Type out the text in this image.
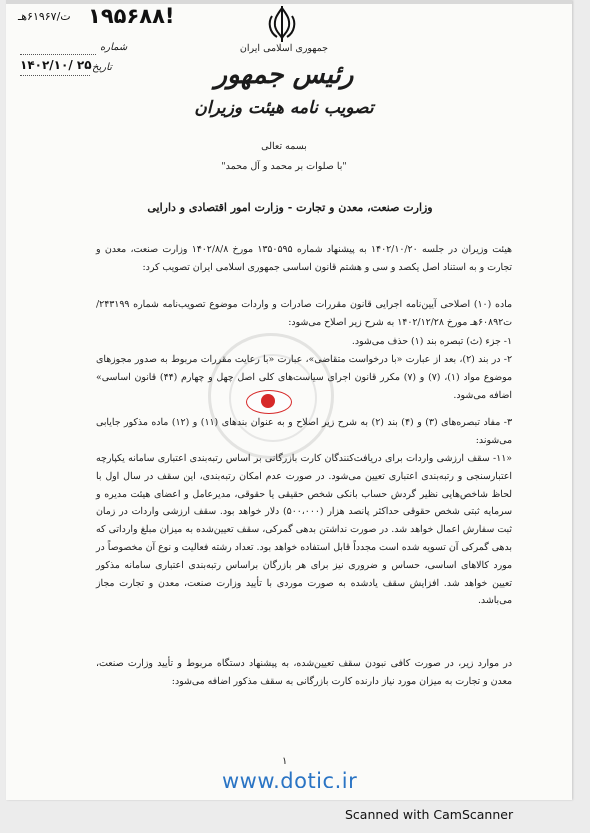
۱۹۵۶۸۸!
ت/۶۱۹۶۷هـ
شماره
تاریخ
۱۴۰۲/۱۰/ ۲۵
جمهوری اسلامی ایران
رئیس جمهور
تصویب نامه هیئت وزیران
بسمه تعالی
"با صلوات بر محمد و آل محمد"
وزارت صنعت، معدن و تجارت - وزارت امور اقتصادی و دارایی
هیئت وزیران در جلسه ۱۴۰۲/۱۰/۲۰ به پیشنهاد شماره ۱۳۵۰۵۹۵ مورخ ۱۴۰۲/۸/۸ وزارت صنعت، معدن و تجارت و به استناد اصل یکصد و سی و هشتم قانون اساسی جمهوری اسلامی ایران تصویب کرد:
ماده (۱۰) اصلاحی آیین‌نامه اجرایی قانون مقررات صادرات و واردات موضوع تصویب‌نامه شماره ۲۴۳۱۹۹/ت۶۰۸۹۲هـ مورخ ۱۴۰۲/۱۲/۲۸ به شرح زیر اصلاح می‌شود:
۱- جزء (ث) تبصره بند (۱) حذف می‌شود.
۲- در بند (۲)، بعد از عبارت «با درخواست متقاضی»، عبارت «با رعایت مقررات مربوط به صدور مجوزهای موضوع مواد (۱)، (۷) و (۷) مکرر قانون اجرای سیاست‌های کلی اصل چهل و چهارم (۴۴) قانون اساسی» اضافه می‌شود.
۳- مفاد تبصره‌های (۳) و (۴) بند (۲) به شرح زیر اصلاح و به عنوان بندهای (۱۱) و (۱۲) ماده مذکور جایابی می‌شوند:
«۱۱- سقف ارزشی واردات برای دریافت‌کنندگان کارت بازرگانی بر اساس رتبه‌بندی اعتباری سامانه یکپارچه اعتبارسنجی و رتبه‌بندی اعتباری تعیین می‌شود. در صورت عدم امکان رتبه‌بندی، این سقف در سال اول با لحاظ شاخص‌هایی نظیر گردش حساب بانکی شخص حقیقی یا حقوقی، مدیرعامل و اعضای هیئت مدیره و سرمایه ثبتی شخص حقوقی حداکثر پانصد هزار (۵۰۰،۰۰۰) دلار خواهد بود. سقف ارزشی واردات در زمان ثبت سفارش اعمال خواهد شد. در صورت نداشتن بدهی گمرکی، سقف تعیین‌شده به میزان مبلغ وارداتی که بدهی گمرکی آن تسویه شده است مجدداً قابل استفاده خواهد بود. تعداد رشته فعالیت و نوع آن مخصوصاً در مورد کالاهای اساسی، حساس و ضروری نیز برای هر بازرگان براساس رتبه‌بندی اعتباری سامانه مذکور تعیین خواهد شد. افزایش سقف یادشده به صورت موردی با تأیید وزارت صنعت، معدن و تجارت مجاز می‌باشد.
در موارد زیر، در صورت کافی نبودن سقف تعیین‌شده، به پیشنهاد دستگاه مربوط و تأیید وزارت صنعت، معدن و تجارت به میزان مورد نیاز دارنده کارت بازرگانی به سقف مذکور اضافه می‌شود:
۱
www.dotic.ir
Scanned with CamScanner
